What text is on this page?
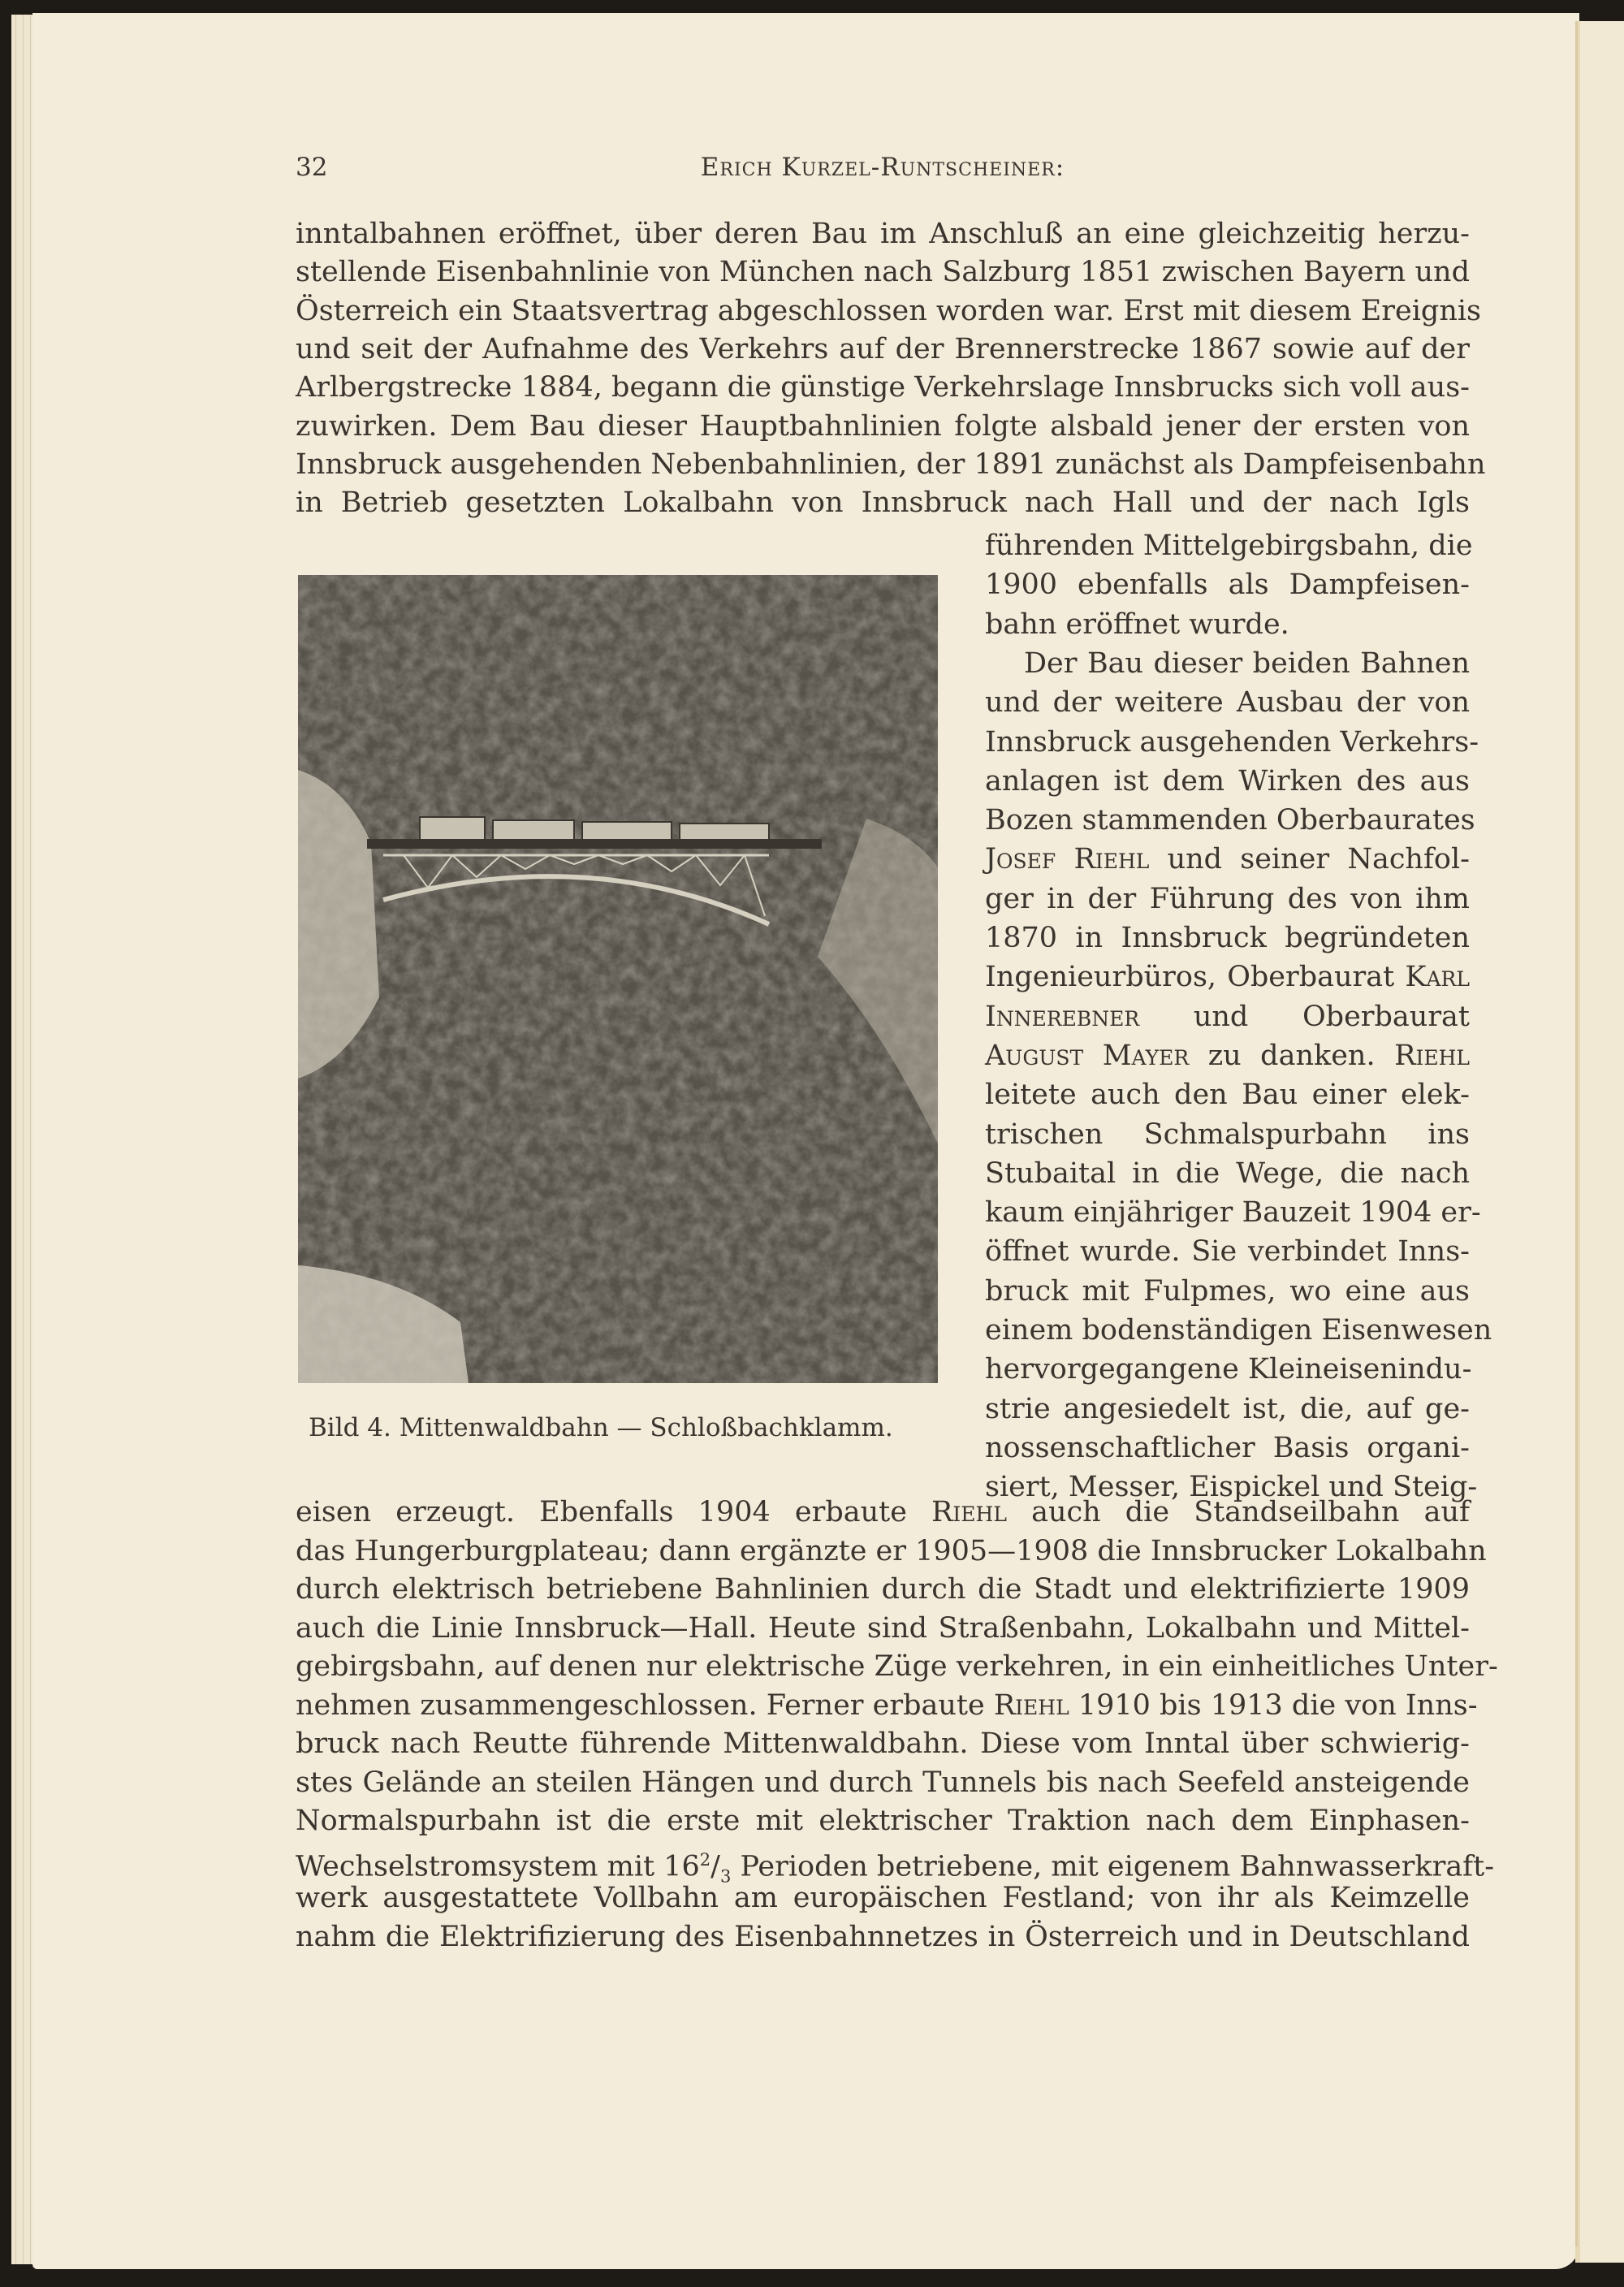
32	Erich Kurzel-Runtscheiner:
inntalbahnen eröffnet, über deren Bau im Anschluß an eine gleichzeitig herzu-
stellende Eisenbahnlinie von München nach Salzburg 1851 zwischen Bayern und
Österreich ein Staatsvertrag abgeschlossen worden war. Erst mit diesem Ereignis
und seit der Aufnahme des Verkehrs auf der Brennerstrecke 1867 sowie auf der
Arlbergstrecke 1884, begann die günstige Verkehrslage Innsbrucks sich voll aus-
zuwirken. Dem Bau dieser Hauptbahnlinien folgte alsbald jener der ersten von
Innsbruck ausgehenden Nebenbahnlinien, der 1891 zunächst als Dampfeisenbahn
in Betrieb gesetzten Lokalbahn von Innsbruck nach Hall und der nach Igls
führenden Mittelgebirgsbahn, die
1900 ebenfalls als Dampfeisen-
bahn eröffnet wurde.
Der Bau dieser beiden Bahnen
und der weitere Ausbau der von
Innsbruck ausgehenden Verkehrs-
anlagen ist dem Wirken des aus
Bozen stammenden Oberbaurates
Josef Riehl und seiner Nachfol-
ger in der Führung des von ihm
1870 in Innsbruck begründeten
Ingenieurbüros, Oberbaurat Karl
Innerebner und Oberbaurat
August Mayer zu danken. Riehl
leitete auch den Bau einer elek-
trischen Schmalspurbahn ins
Stubaital in die Wege, die nach
kaum einjähriger Bauzeit 1904 er-
öffnet wurde. Sie verbindet Inns-
bruck mit Fulpmes, wo eine aus
einem bodenständigen Eisenwesen
hervorgegangene Kleineisenindu-
strie angesiedelt ist, die, auf ge-
nossenschaftlicher Basis organi-
siert, Messer, Eispickel und Steig-
eisen erzeugt. Ebenfalls 1904 erbaute Riehl auch die Standseilbahn auf
das Hungerburgplateau; dann ergänzte er 1905—1908 die Innsbrucker Lokalbahn
durch elektrisch betriebene Bahnlinien durch die Stadt und elektrifizierte 1909
auch die Linie Innsbruck—Hall. Heute sind Straßenbahn, Lokalbahn und Mittel-
gebirgsbahn, auf denen nur elektrische Züge verkehren, in ein einheitliches Unter-
nehmen zusammengeschlossen. Ferner erbaute Riehl 1910 bis 1913 die von Inns-
bruck nach Reutte führende Mittenwaldbahn. Diese vom Inntal über schwierig-
stes Gelände an steilen Hängen und durch Tunnels bis nach Seefeld ansteigende
Normalspurbahn ist die erste mit elektrischer Traktion nach dem Einphasen-
Wechselstromsystem mit $16^2/_3$ Perioden betriebene, mit eigenem Bahnwasserkraft-
werk ausgestattete Vollbahn am europäischen Festland; von ihr als Keimzelle
nahm die Elektrifizierung des Eisenbahnnetzes in Österreich und in Deutschland
Bild 4. Mittenwaldbahn — Schloßbachklamm.
